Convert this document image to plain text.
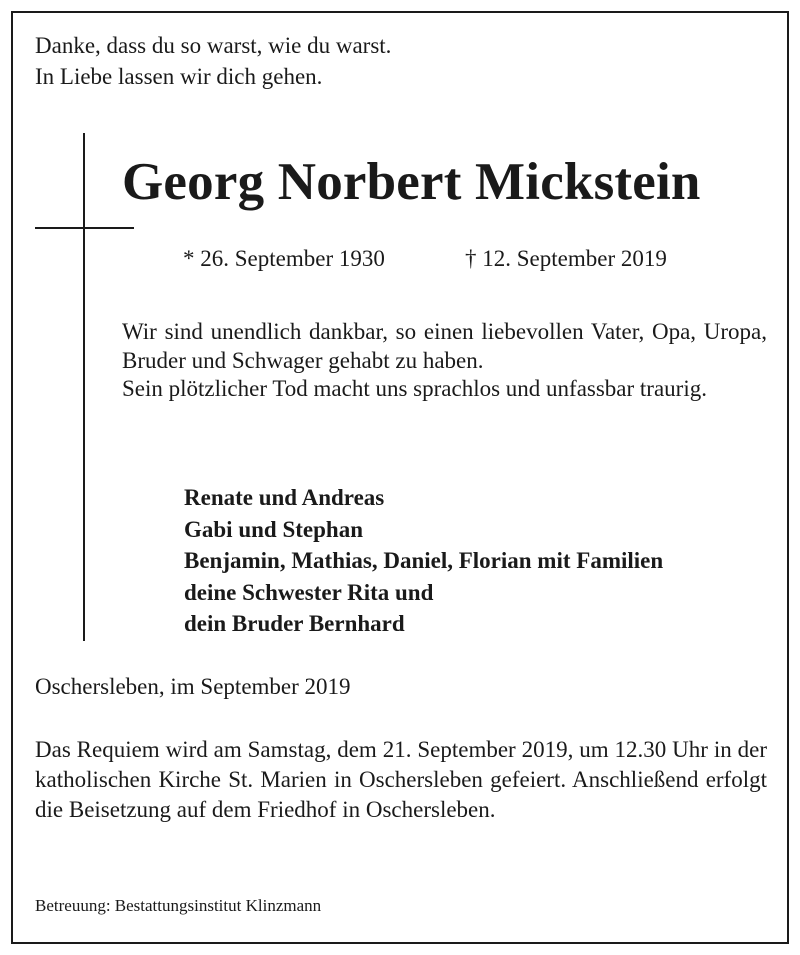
Danke, dass du so warst, wie du warst.
In Liebe lassen wir dich gehen.
Georg Norbert Mickstein
* 26. September 1930	† 12. September 2019

Wir sind unendlich dankbar, so einen liebevollen Vater, Opa, Uropa, Bruder und Schwager gehabt zu haben.

Sein plötzlicher Tod macht uns sprachlos und unfassbar traurig.

Renate und Andreas
Gabi und Stephan
Benjamin, Mathias, Daniel, Florian mit Familien
deine Schwester Rita und
dein Bruder Bernhard
Oschersleben, im September 2019
Das Requiem wird am Samstag, dem 21. September 2019, um 12.30 Uhr in der katholischen Kirche St. Marien in Oschersleben gefeiert. Anschließend erfolgt die Beisetzung auf dem Friedhof in Oschersleben.
Betreuung: Bestattungsinstitut Klinzmann
